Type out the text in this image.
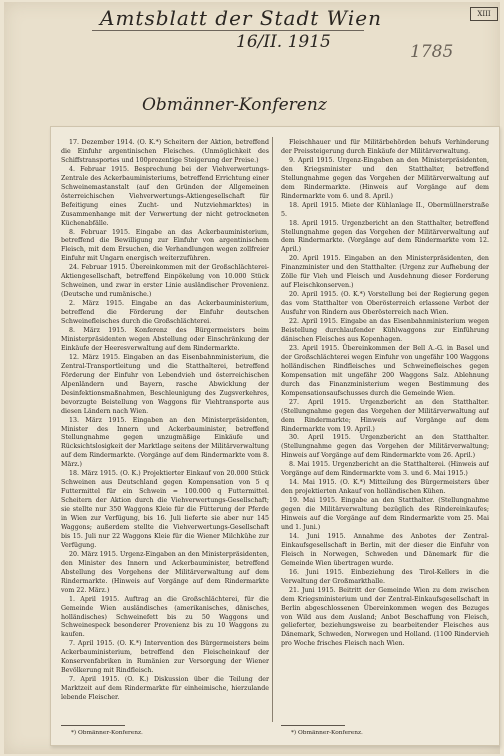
Amtsblatt der Stadt Wien	XIII
16/II. 1915	1785
Obmänner-Konferenz

17. Dezember 1914. (O. K.*) Scheitern der Aktion, betreffend die Einfuhr argentinischen Fleisches. (Unmöglichkeit des Schiffstransportes und 100prozentige Steigerung der Preise.)

4. Februar 1915. Besprechung bei der Viehverwertungs-Zentrale des Ackerbauministeriums, betreffend Errichtung einer Schweinemastanstalt (auf den Gründen der Allgemeinen österreichischen Viehverwertungs-Aktiengesellschaft für Befeitigung eines Zucht- und Nutzviehmarktes) in Zusammenhange mit der Verwertung der nicht getrockneten Küchenabfälle.

8. Februar 1915. Eingabe an das Ackerbauministerium, betreffend die Bewilligung zur Einfuhr von argentinischem Fleisch, mit dem Ersuchen, die Verhandlungen wegen zollfreier Einfuhr mit Ungarn energisch weiterzuführen.

24. Februar 1915. Übereinkommen mit der Großschlächterei-Aktiengesellschaft, betreffend Einpökelung von 10.000 Stück Schweinen, und zwar in erster Linie ausländischer Provenienz. (Deutsche und rumänische.)

2. März 1915. Eingabe an das Ackerbauministerium, betreffend die Förderung der Einfuhr deutschen Schweinefleisches durch die Großschlächterei.

8. März 1915. Konferenz des Bürgermeisters beim Ministerpräsidenten wegen Abstellung oder Einschränkung der Einkäufe der Heeresverwaltung auf dem Rindermarkte.

12. März 1915. Eingaben an das Eisenbahnministerium, die Zentral-Transportleitung und die Statthalterei, betreffend Förderung der Einfuhr von Lebendvieh und österreichischen Alpenländern und Bayern, rasche Abwicklung der Desinfektionsmaßnahmen, Beschleunigung des Zugsverkehres, bevorzugte Beistellung von Waggons für Viehtransporte aus diesen Ländern nach Wien.

13. März 1915. Eingaben an den Ministerpräsidenten, Minister des Innern und Ackerbauminister, betreffend Stellungnahme gegen unzugmäßige Einkäufe und Rücksichtslosigkeit der Marktlage seitens der Militärverwaltung auf dem Rindermarkte. (Vorgänge auf dem Rindermarkte vom 8. März.)

18. März 1915. (O. K.) Projektierter Einkauf von 20.000 Stück Schweinen aus Deutschland gegen Kompensation von 5 q Futtermittel für ein Schwein = 100.000 q Futtermittel. Scheitern der Aktion durch die Viehverwertungs-Gesellschaft; sie stellte nur 350 Waggons Kleie für die Fütterung der Pferde in Wien zur Verfügung, bis 16. Juli lieferte sie aber nur 145 Waggons; außerdem stellte die Viehverwertungs-Gesellschaft bis 15. Juli nur 22 Waggons Kleie für die Wiener Milchkühe zur Verfügung.

20. März 1915. Urgenz-Eingaben an den Ministerpräsidenten, den Minister des Innern und Ackerbauminister, betreffend Abstellung des Vorgehens der Militärverwaltung auf dem Rindermarkte. (Hinweis auf Vorgänge auf dem Rindermarkte vom 22. März.)

1. April 1915. Auftrag an die Großschlächterei, für die Gemeinde Wien ausländisches (amerikanisches, dänisches, holländisches) Schweinefett bis zu 50 Waggons und Schweinespeck besonderer Provenienz bis zu 10 Waggons zu kaufen.

7. April 1915. (O. K.*) Intervention des Bürgermeisters beim Ackerbauministerium, betreffend den Fleischeinkauf der Konservenfabriken in Rumänien zur Versorgung der Wiener Bevölkerung mit Rindfleisch.

7. April 1915. (O. K.) Diskussion über die Teilung der Marktzeit auf dem Rindermarkte für einheimische, hierzulande lebende Fleischer.

Fleischhauer und für Militärbehörden behufs Verhinderung der Preissteigerung durch Einkäufe der Militärverwaltung.

9. April 1915. Urgenz-Eingaben an den Ministerpräsidenten, den Kriegsminister und den Statthalter, betreffend Stellungnahme gegen das Vorgehen der Militärverwaltung auf dem Rindermarkte. (Hinweis auf Vorgänge auf dem Rindermarkte vom 6. und 8. April.)

18. April 1915. Miete der Kühlanlage II., Obermüllnerstraße 5.

18. April 1915. Urgenzbericht an den Statthalter, betreffend Stellungnahme gegen das Vorgehen der Militärverwaltung auf dem Rindermarkte. (Vorgänge auf dem Rindermarkte vom 12. April.)

20. April 1915. Eingaben an den Ministerpräsidenten, den Finanzminister und den Statthalter. (Urgenz zur Aufhebung der Zölle für Vieh und Fleisch und Ausdehnung dieser Forderung auf Fleischkonserven.)

20. April 1915. (O. K.*) Vorstellung bei der Regierung gegen das vom Statthalter von Oberösterreich erlassene Verbot der Ausfuhr von Rindern aus Oberösterreich nach Wien.

22. April 1915. Eingabe an das Eisenbahnministerium wegen Beistellung durchlaufender Kühlwaggons zur Einführung dänischen Fleisches aus Kopenhagen.

23. April 1915. Übereinkommen der Bell A.-G. in Basel und der Großschlächterei wegen Einfuhr von ungefähr 100 Waggons holländischen Rindfleisches und Schweinefleisches gegen Kompensation mit ungefähr 200 Waggons Salz. Ablehnung durch das Finanzministerium wegen Bestimmung des Kompensationsaufschusses durch die Gemeinde Wien.

27. April 1915. Urgenzbericht an den Statthalter. (Stellungnahme gegen das Vorgehen der Militärverwaltung auf dem Rindermarkte; Hinweis auf Vorgänge auf dem Rindermarkte vom 19. April.)

30. April 1915. Urgenzbericht an den Statthalter. (Stellungnahme gegen das Vorgehen der Militärverwaltung; Hinweis auf Vorgänge auf dem Rindermarkte vom 26. April.)

8. Mai 1915. Urgenzbericht an die Statthalterei. (Hinweis auf Vorgänge auf dem Rindermarkte vom 3. und 6. Mai 1915.)

14. Mai 1915. (O. K.*) Mitteilung des Bürgermeisters über den projektierten Ankauf von holländischen Kühen.

19. Mai 1915. Eingabe an den Statthalter. (Stellungnahme gegen die Militärverwaltung bezüglich des Rindereinkaufes; Hinweis auf die Vorgänge auf dem Rindermarkte vom 25. Mai und 1. Juni.)

14. Juni 1915. Annahme des Anbotes der Zentral-Einkaufsgesellschaft in Berlin, mit der dieser die Einfuhr von Fleisch in Norwegen, Schweden und Dänemark für die Gemeinde Wien übertragen wurde.

16. Juni 1915. Einbeziehung des Tirol-Kellers in die Verwaltung der Großmarkthalle.

21. Juni 1915. Beitritt der Gemeinde Wien zu dem zwischen dem Kriegsministerium und der Zentral-Einkaufsgesellschaft in Berlin abgeschlossenen Übereinkommen wegen des Bezuges von Wild aus dem Ausland; Anbot Beschaffung von Fleisch, gelieferter, beziehungsweise zu bearbeitender Fleisches aus Dänemark, Schweden, Norwegen und Holland. (1100 Rindervieh pro Woche frisches Fleisch nach Wien.

*) Obmänner-Konferenz.	*) Obmänner-Konferenz.
